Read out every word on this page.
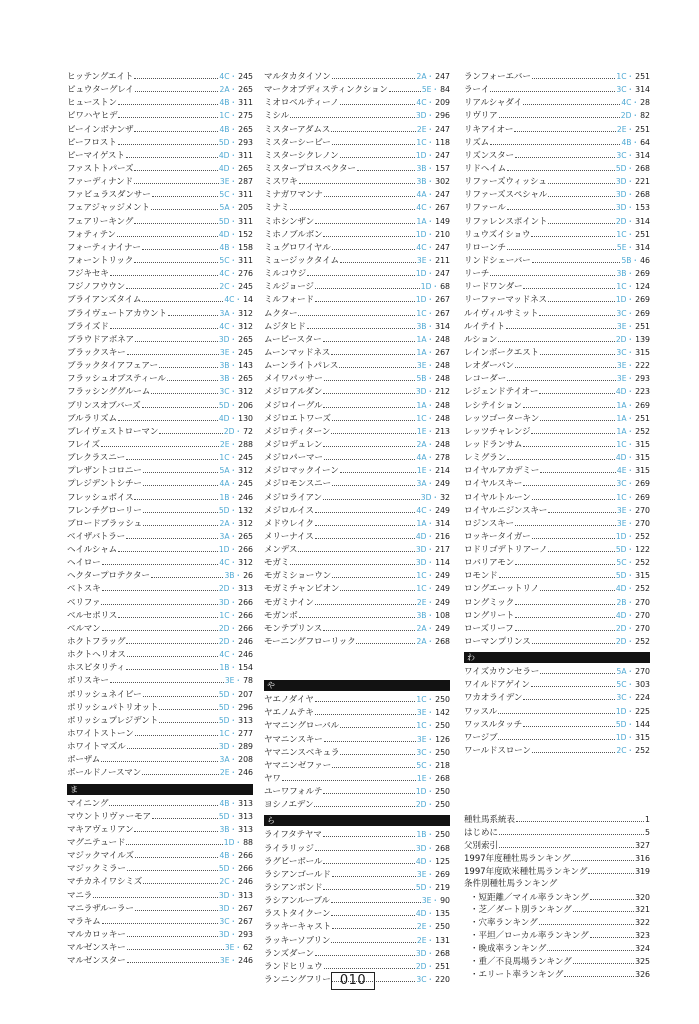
ヒッテングエイト	4C ・ 245
ピュウターグレイ	2A ・ 265
ヒューストン	4B ・ 311
ビワハヤヒデ	1C ・ 275
ビーインボナンザ	4B ・ 265
ピーフロスト	5D ・ 293
ピーマイゲスト	4D ・ 311
ファストトパーズ	4D ・ 265
ファーディナンド	3E ・ 287
ファビュラスダンサー	5C ・ 311
フェアジャッジメント	5A ・ 205
フェアリーキング	5D ・ 311
フォティテン	4D ・ 152
フォーティナイナー	4B ・ 158
フォーントリック	5C ・ 311
フジキセキ	4C ・ 276
フジノフウウン	2C ・ 245
ブライアンズタイム	4C ・ 14
ブライヴェートアカウント	3A ・ 312
ブライズド	4C ・ 312
ブラウドアボネア	3D ・ 265
ブラックスキー	3E ・ 245
ブラックタイアフェアー	3B ・ 143
フラッシュオブスティール	3B ・ 265
フラッシンググルーム	3C ・ 312
ブリンスオブバーズ	5D ・ 206
ブルラリズム	4D ・ 130
ブレイヴェストローマン	2D ・ 72
フレイズ	2E ・ 288
ブレクラスニー	1C ・ 245
プレザントコロニー	5A ・ 312
プレジデントシチー	4A ・ 245
フレッシュボイス	1B ・ 246
フレンチグローリー	5D ・ 132
ブロードブラッシュ	2A ・ 312
ベイザバトラー	3A ・ 265
ヘイルシャム	1D ・ 266
ヘイロー	4C ・ 312
ヘクタープロテクター	3B ・ 26
ベトスキ	2D ・ 313
ベリファ	3D ・ 266
ベルセポリス	1C ・ 266
ベルマン	2D ・ 266
ホクトフラッグ	2D ・ 246
ホクトヘリオス	4C ・ 246
ホスピタリティ	1B ・ 154
ボリスキー	3E ・ 78
ポリッシュネイビー	5D ・ 207
ポリッシュパトリオット	5D ・ 296
ポリッシュプレジデント	5D ・ 313
ホワイトストーン	1C ・ 277
ホワイトマズル	3D ・ 289
ボーザム	3A ・ 208
ボールドノースマン	2E ・ 246
ま
マイニング	4B ・ 313
マウントリヴァーモア	5D ・ 313
マキアヴェリアン	3B ・ 313
マグニテュード	1D ・ 88
マジックマイルズ	4B ・ 266
マジックミラー	5D ・ 266
マチカネイワシミズ	2C ・ 246
マニラ	3D ・ 313
マニラザルーラー	3D ・ 267
マラキム	3C ・ 267
マルカロッキー	3D ・ 293
マルゼンスキー	3E ・ 62
マルゼンスター	3E ・ 246
マルタカタイソン	2A ・ 247
マークオブディスティンクション	5E ・ 84
ミオロベルティーノ	4C ・ 209
ミシル	3D ・ 296
ミスターアダムス	2E ・ 247
ミスターシービー	1C ・ 118
ミスターシクレノン	1D ・ 247
ミスタープロスペクター	3B ・ 157
ミスワキ	3B ・ 302
ミナガワマンナ	4A ・ 247
ミナミ	4C ・ 267
ミホシンザン	1A ・ 149
ミホノブルボン	1D ・ 210
ミュグロワイヤル	4C ・ 247
ミュージックタイム	3E ・ 211
ミルコウジ	1D ・ 247
ミルジョージ	1D ・ 68
ミルフォード	1D ・ 267
ムクター	1C ・ 267
ムジタヒド	3B ・ 314
ムービースター	1A ・ 248
ムーンマッドネス	1A ・ 267
ムーンライトパレス	3E ・ 248
メイワパッサー	5B ・ 248
メジロアルダン	3D ・ 212
メジロイーグル	1A ・ 248
メジロエトワーズ	1C ・ 248
メジロティターン	1E ・ 213
メジロデュレン	2A ・ 248
メジロパーマー	4A ・ 278
メジロマックイーン	1E ・ 214
メジロモンスニー	3A ・ 249
メジロライアン	3D ・ 32
メジロルイス	4C ・ 249
メドウレイク	1A ・ 314
メリーナイス	4D ・ 216
メンデス	3D ・ 217
モガミ	3D ・ 114
モガミショーウン	1C ・ 249
モガミチャンピオン	1C ・ 249
モガミナイン	2E ・ 249
モガンボ	3B ・ 108
モンテプリンス	2A ・ 249
モーニングフローリック	2A ・ 268
や
ヤエノダイヤ	1C ・ 250
ヤエノムテキ	3E ・ 142
ヤマニングローバル	1C ・ 250
ヤマニンスキー	3E ・ 126
ヤマニンスベキュラ	3C ・ 250
ヤマニンゼファー	5C ・ 218
ヤワ	1E ・ 268
ユーワフォルテ	1D ・ 250
ヨシノエデン	2D ・ 250
ら
ライフタテヤマ	1B ・ 250
ライラリッジ	3D ・ 268
ラグビーボール	4D ・ 125
ラシアンゴールド	3E ・ 269
ラシアンボンド	5D ・ 219
ラシアンルーブル	3E ・ 90
ラストタイクーン	4D ・ 135
ラッキーキャスト	2E ・ 250
ラッキーソブリン	2E ・ 131
ランズダーン	3D ・ 268
ランドヒリュウ	2D ・ 251
ランニングフリー	3C ・ 220
ランフォーエバー	1C ・ 251
ラーイ	3C ・ 314
リアルシャダイ	4C ・ 28
リヴリア	2D ・ 82
リキアイオー	2E ・ 251
リズム	4B ・ 64
リズンスター	3C ・ 314
リドヘイム	5D ・ 268
リファーズウィッシュ	3D ・ 221
リファーズスペシャル	3D ・ 268
リファール	3D ・ 153
リファレンスポイント	2D ・ 314
リュウズイショウ	1C ・ 251
リローンチ	5E ・ 314
リンドシェーバー	5B ・ 46
リーチ	3B ・ 269
リードワンダー	1C ・ 124
リーファーマッドネス	1D ・ 269
ルイヴィルサミット	3C ・ 269
ルイテイト	3E ・ 251
ルション	2D ・ 139
レインボークエスト	3C ・ 315
レオダーバン	3E ・ 222
レコーダー	3E ・ 293
レジェンドテイオー	4D ・ 223
レシテイション	1A ・ 269
レッツゴーターキン	1A ・ 251
レッツチャレンジ	1A ・ 252
レッドランサム	1C ・ 315
レミグラン	4D ・ 315
ロイヤルアカデミー	4E ・ 315
ロイヤルスキー	3C ・ 269
ロイヤルトルーン	1C ・ 269
ロイヤルニジンスキー	3E ・ 270
ロジンスキー	3E ・ 270
ロッキータイガー	1D ・ 252
ロドリゴデトリアーノ	5D ・ 122
ロバリアモン	5C ・ 252
ロモンド	5D ・ 315
ロングエーットリノ	4D ・ 252
ロングミック	2B ・ 270
ロングリート	4D ・ 270
ローズリーフ	2D ・ 270
ローマンプリンス	2D ・ 252
わ
ワイズカウンセラー	5A ・ 270
ワイルドアゲイン	5C ・ 303
ワカオライデン	3C ・ 224
ワッスル	1D ・ 225
ワッスルタッチ	5D ・ 144
ワージブ	1D ・ 315
ワールドスローン	2C ・ 252
種牡馬系統表	1
はじめに	5
父別索引	327
1997年度種牡馬ランキング	316
1997年度欧米種牡馬ランキング	319
条件別種牡馬ランキング
・短距離／マイル率ランキング	320
・芝／ダート別ランキング	321
・穴率ランキング	322
・平坦／ローカル率ランキング	323
・晩成率ランキング	324
・重／不良馬場ランキング	325
・エリート率ランキング	326
010
